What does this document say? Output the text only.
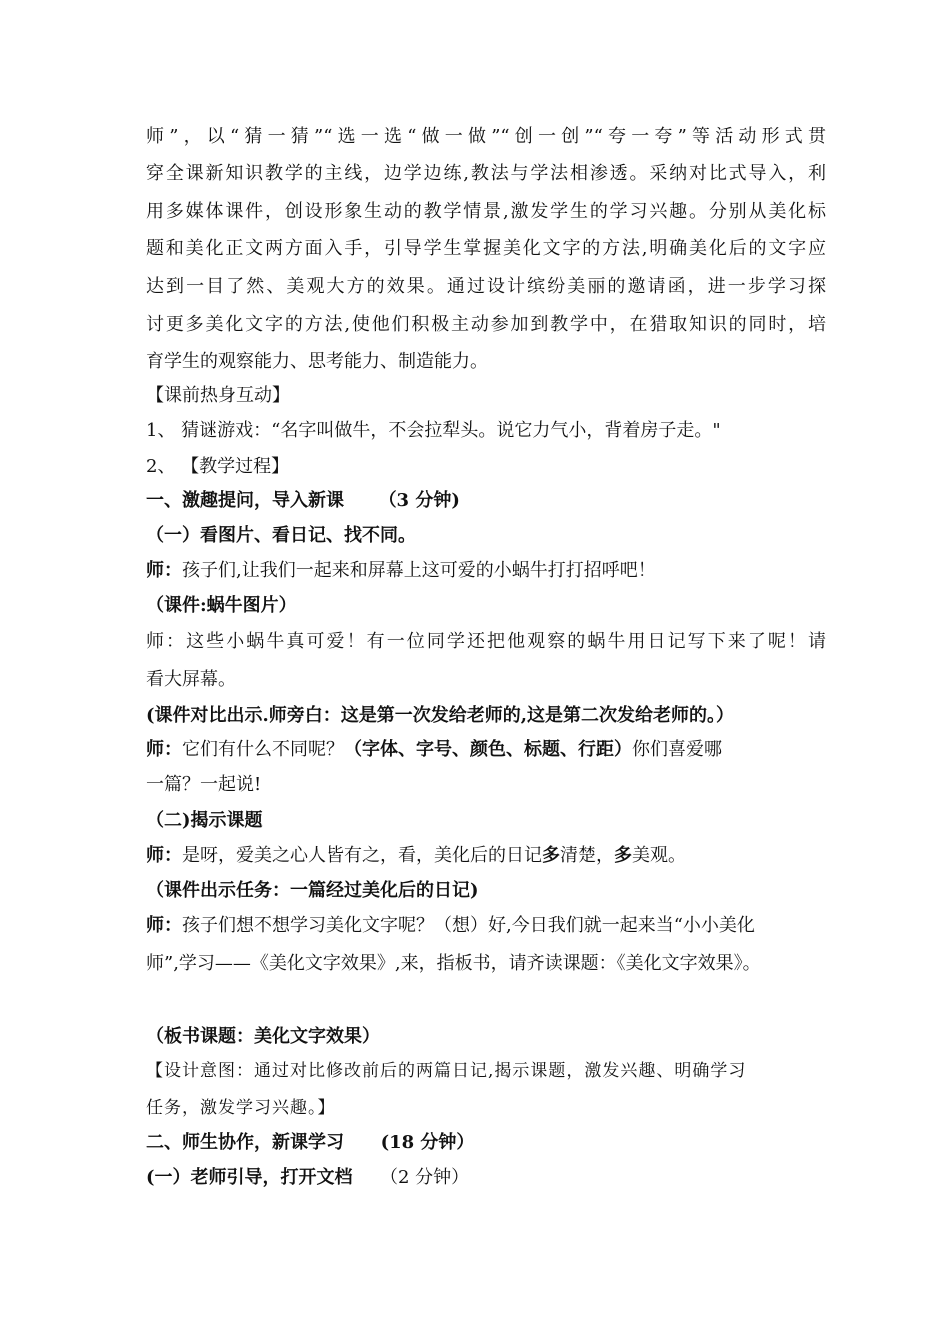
师”，以“猜一猜”“选一选“做一做”“创一创”“夸一夸”等活动形式贯
穿全课新知识教学的主线，边学边练,教法与学法相渗透。采纳对比式导入，利
用多媒体课件，创设形象生动的教学情景,激发学生的学习兴趣。分别从美化标
题和美化正文两方面入手，引导学生掌握美化文字的方法,明确美化后的文字应
达到一目了然、美观大方的效果。通过设计缤纷美丽的邀请函，进一步学习探
讨更多美化文字的方法,使他们积极主动参加到教学中，在猎取知识的同时，培
育学生的观察能力、思考能力、制造能力。
【课前热身互动】
1、 猜谜游戏：“名字叫做牛，不会拉犁头。说它力气小，背着房子走。"
2、 【教学过程】
一、激趣提问，导入新课 （3 分钟)
（一）看图片、看日记、找不同。
师：孩子们,让我们一起来和屏幕上这可爱的小蜗牛打打招呼吧！
（课件:蜗牛图片）
师：这些小蜗牛真可爱！有一位同学还把他观察的蜗牛用日记写下来了呢！请
看大屏幕。
(课件对比出示.师旁白：这是第一次发给老师的,这是第二次发给老师的。）
师：它们有什么不同呢？（字体、字号、颜色、标题、行距）你们喜爱哪
一篇？一起说!
（二)揭示课题
师：是呀，爱美之心人皆有之，看，美化后的日记多清楚，多美观。
（课件出示任务：一篇经过美化后的日记)
师：孩子们想不想学习美化文字呢？（想）好,今日我们就一起来当“小小美化
师”,学习——《美化文字效果》,来，指板书，请齐读课题：《美化文字效果》。
（板书课题：美化文字效果）
【设计意图：通过对比修改前后的两篇日记,揭示课题，激发兴趣、明确学习
任务，激发学习兴趣。】
二、师生协作，新课学习 (18 分钟）
(一）老师引导，打开文档 （2 分钟）
